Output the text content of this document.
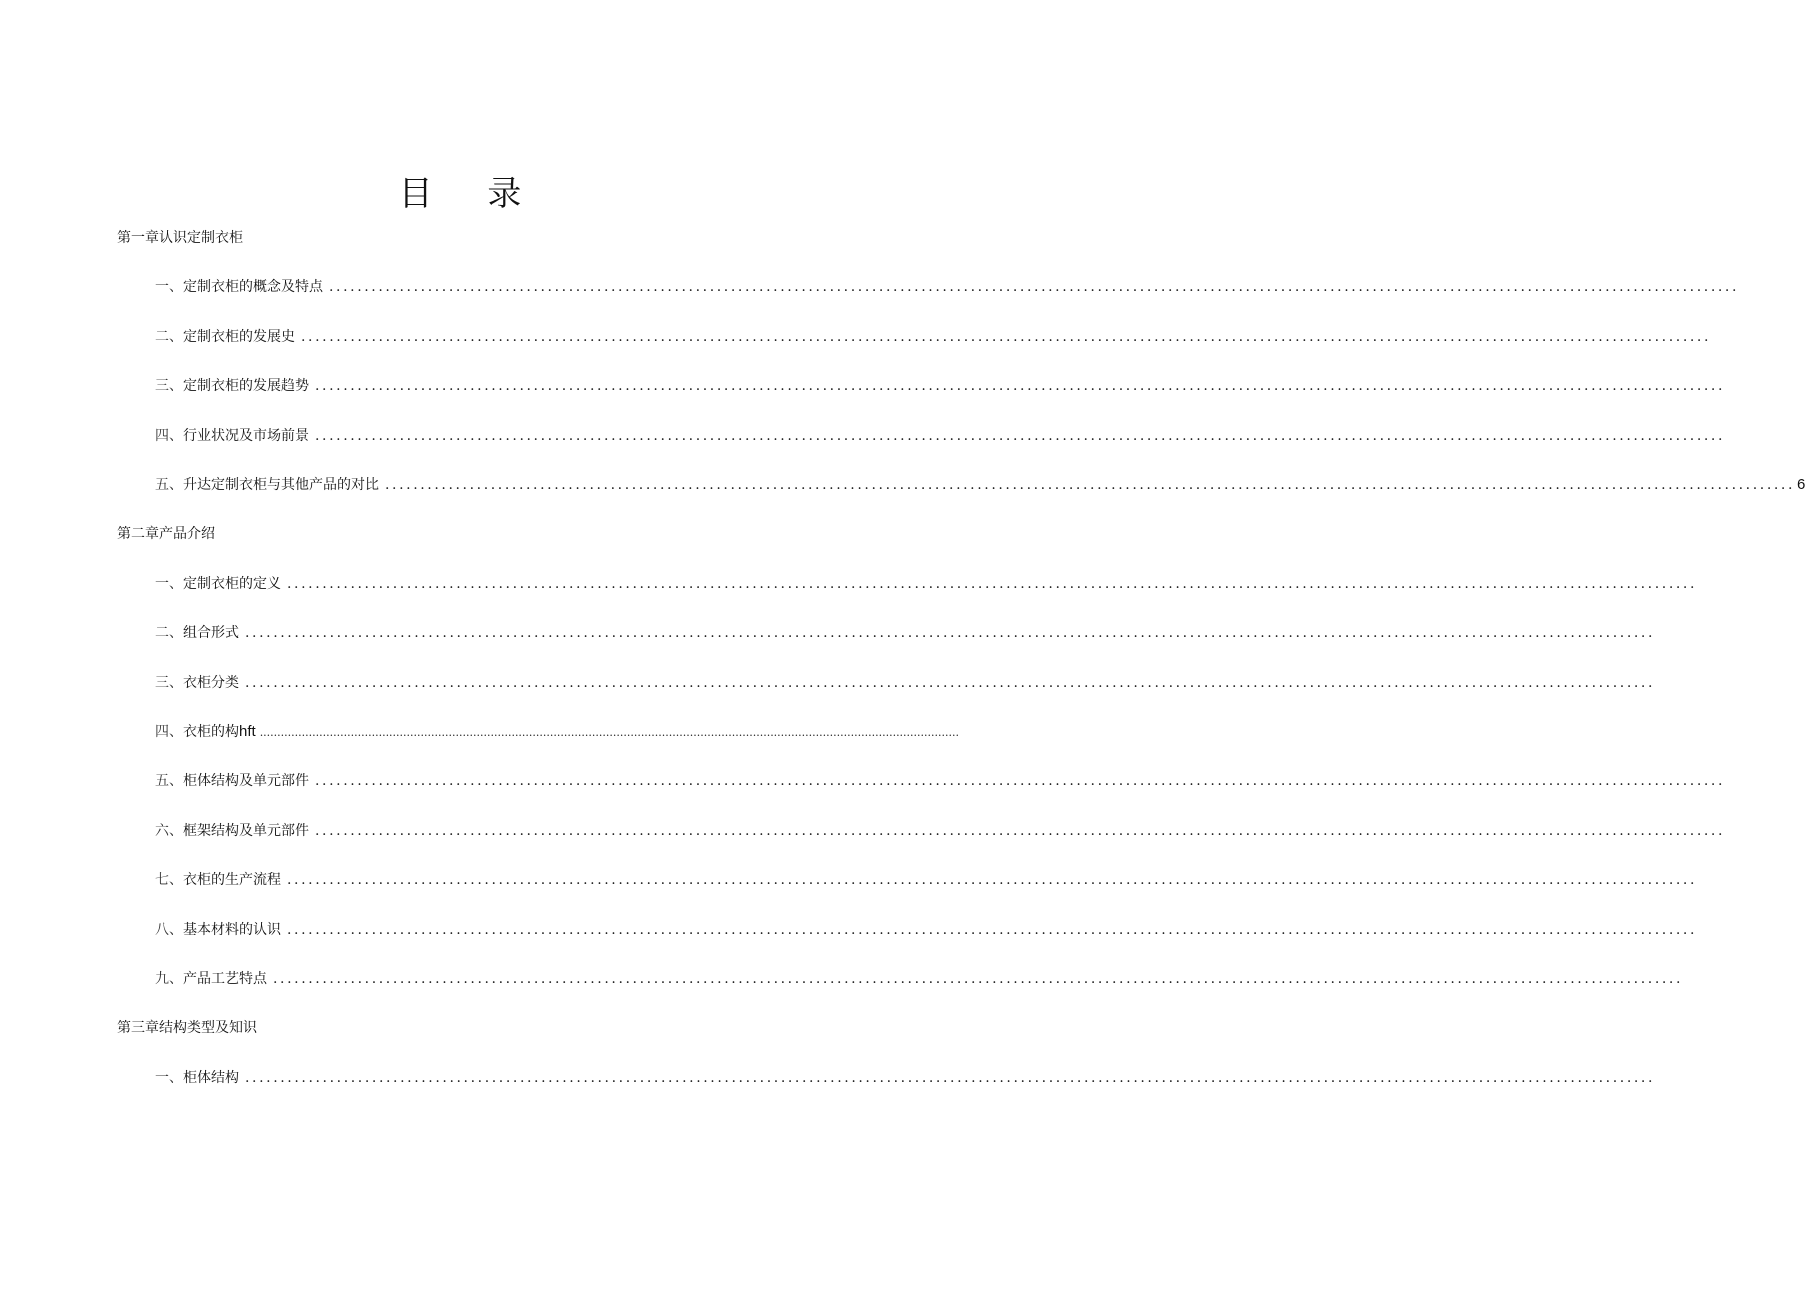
目 录
第一章认识定制衣柜
一、 定制衣柜的概念及特点 ........................................................................................................................................................................................................
二、 定制衣柜的发展史 ........................................................................................................................................................................................................
三、 定制衣柜的发展趋势 ........................................................................................................................................................................................................
四、 行业状况及市场前景 ........................................................................................................................................................................................................
五、 升达定制衣柜与其他产品的对比 ........................................................................................................................................................................................................ 6
第二章产品介绍
一、 定制衣柜的定义 ........................................................................................................................................................................................................
二、 组合形式 ........................................................................................................................................................................................................
三、 衣柜分类 ........................................................................................................................................................................................................
四、 衣柜的构 hft ........................................................................................................................................................................................................
五、 柜体结构及单元部件 ........................................................................................................................................................................................................
六、 框架结构及单元部件 ........................................................................................................................................................................................................
七、 衣柜的生产流程 ........................................................................................................................................................................................................
八、 基本材料的认识 ........................................................................................................................................................................................................
九、 产品工艺特点 ........................................................................................................................................................................................................
第三章结构类型及知识
一、 柜体结构 ........................................................................................................................................................................................................
